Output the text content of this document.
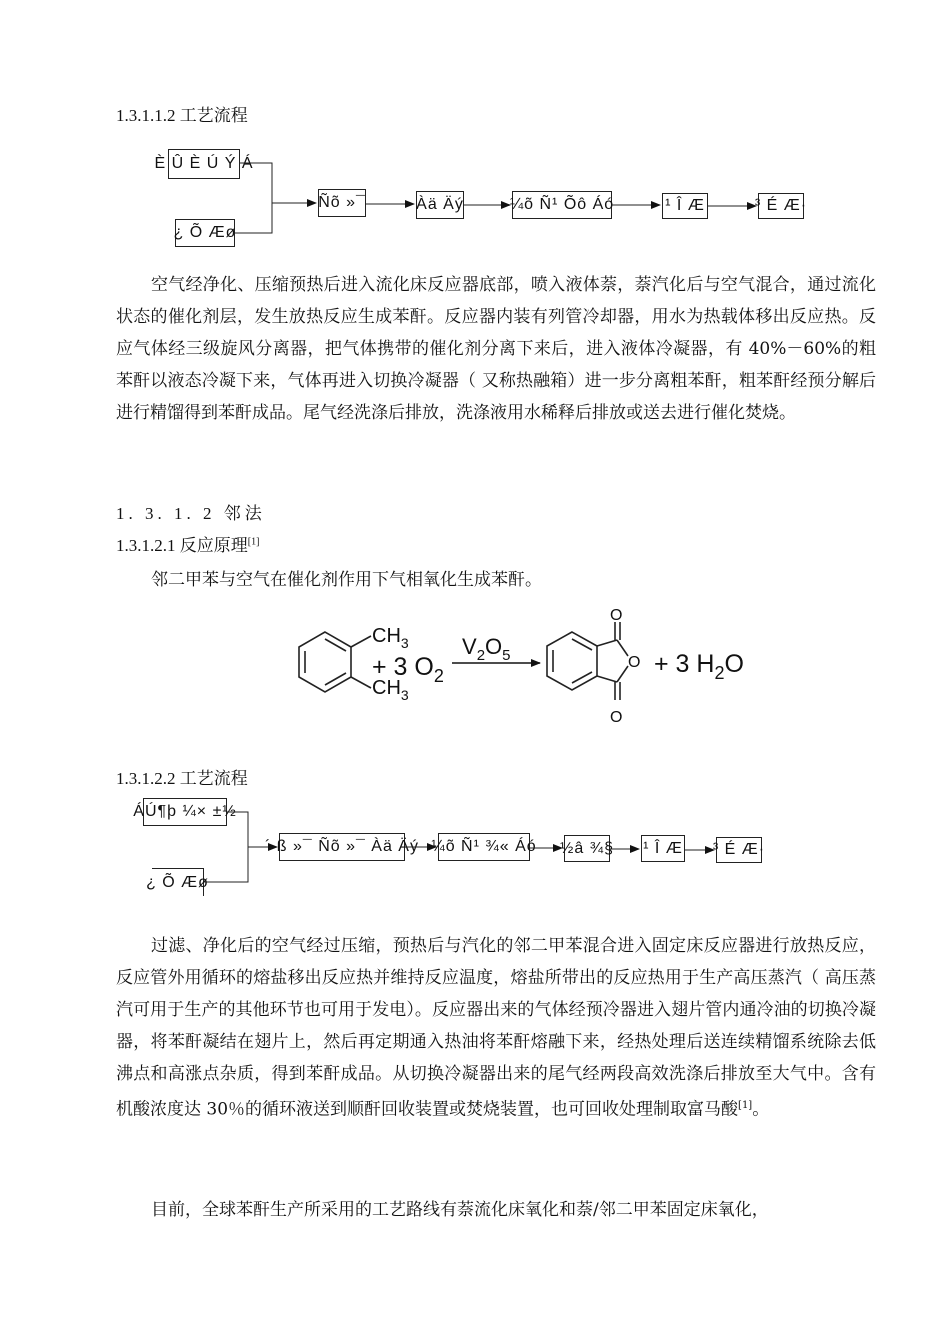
1.3.1.1.2 工艺流程
È Û È Ú Ý Á
¿ Õ Æø
Ñõ »¯	Àä Äý	¼õ Ñ¹ Õô Áó	¹ Î Æ	³ É Æ·

空气经净化、压缩预热后进入流化床反应器底部，喷入液体萘，萘汽化后与空气混合，通过流化状态的催化剂层，发生放热反应生成苯酐。反应器内装有列管冷却器，用水为热载体移出反应热。反应气体经三级旋风分离器，把气体携带的催化剂分离下来后，进入液体冷凝器，有 40%－60%的粗苯酐以液态冷凝下来，气体再进入切换冷凝器（ 又称热融箱）进一步分离粗苯酐，粗苯酐经预分解后进行精馏得到苯酐成品。尾气经洗涤后排放，洗涤液用水稀释后排放或送去进行催化焚烧。

1. 3. 1. 2 邻法
1.3.1.2.1 反应原理[1]

邻二甲苯与空气在催化剂作用下气相氧化生成苯酐。

$CH_3$
$CH_3$
+ 3 $O_2$
$V_2O_5$
O
O
O
+ 3 $H_2O$
1.3.1.2.2 工艺流程
ÁÚ¶þ ¼× ±½
¿ Õ Æø
´ ß »¯ Ñõ »¯ Àä Äý ¼õ Ñ¹ ¾« Áó ½â ¾§ ¹ Î Æ ³ É Æ·

过滤、净化后的空气经过压缩，预热后与汽化的邻二甲苯混合进入固定床反应器进行放热反应，反应管外用循环的熔盐移出反应热并维持反应温度，熔盐所带出的反应热用于生产高压蒸汽（ 高压蒸汽可用于生产的其他环节也可用于发电）。反应器出来的气体经预冷器进入翅片管内通冷油的切换冷凝器，将苯酐凝结在翅片上，然后再定期通入热油将苯酐熔融下来，经热处理后送连续精馏系统除去低沸点和高涨点杂质，得到苯酐成品。从切换冷凝器出来的尾气经两段高效洗涤后排放至大气中。含有机酸浓度达 30％的循环液送到顺酐回收装置或焚烧装置，也可回收处理制取富马酸[1]。

目前，全球苯酐生产所采用的工艺路线有萘流化床氧化和萘/邻二甲苯固定床氧化，
